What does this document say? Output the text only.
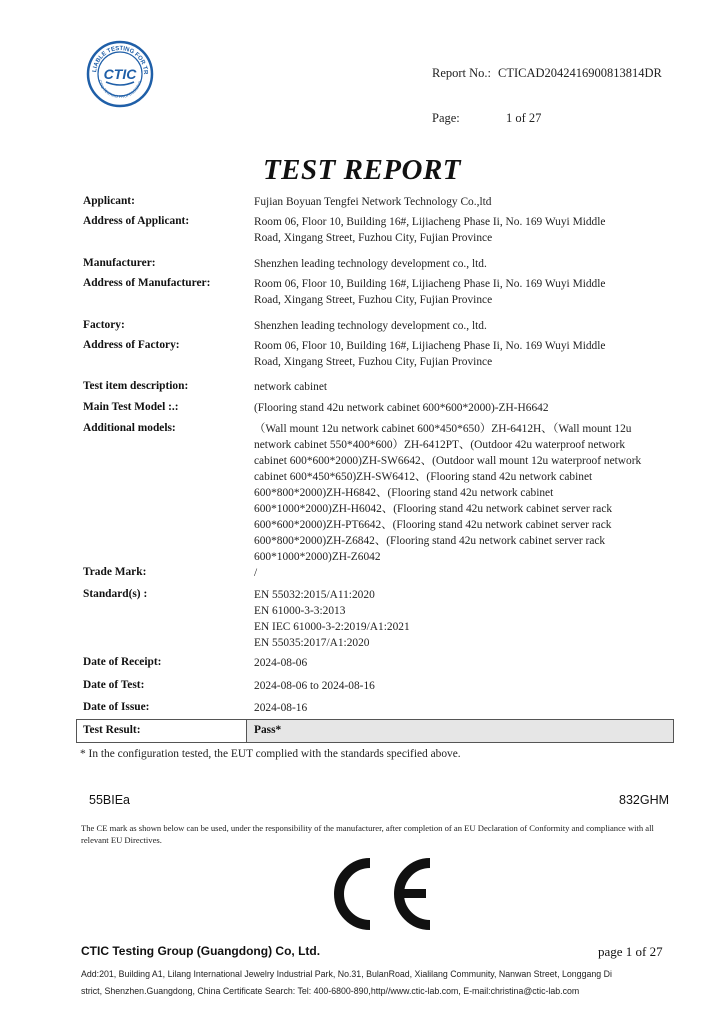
LIABLE TESTING FOR TR
CTIC TESTING PROFESSIONAL
CTIC	Report No.: CTICAD2042416900813814DR
Page:	1 of 27
TEST REPORT
Applicant:	Fujian Boyuan Tengfei Network Technology Co.,ltd
Address of Applicant:	Room 06, Floor 10, Building 16#, Lijiacheng Phase Ii, No. 169 Wuyi Middle
Road, Xingang Street, Fuzhou City, Fujian Province
Manufacturer:	Shenzhen leading technology development co., ltd.
Address of Manufacturer:	Room 06, Floor 10, Building 16#, Lijiacheng Phase Ii, No. 169 Wuyi Middle
Road, Xingang Street, Fuzhou City, Fujian Province
Factory:	Shenzhen leading technology development co., ltd.
Address of Factory:	Room 06, Floor 10, Building 16#, Lijiacheng Phase Ii, No. 169 Wuyi Middle
Road, Xingang Street, Fuzhou City, Fujian Province
Test item description:	network cabinet
Main Test Model :.:	(Flooring stand 42u network cabinet 600*600*2000)-ZH-H6642
Additional models:	（Wall mount 12u network cabinet 600*450*650）ZH-6412H、（Wall mount 12u
network cabinet 550*400*600）ZH-6412PT、(Outdoor 42u waterproof network
cabinet 600*600*2000)ZH-SW6642、(Outdoor wall mount 12u waterproof network
cabinet 600*450*650)ZH-SW6412、(Flooring stand 42u network cabinet
600*800*2000)ZH-H6842、(Flooring stand 42u network cabinet
600*1000*2000)ZH-H6042、(Flooring stand 42u network cabinet server rack
600*600*2000)ZH-PT6642、(Flooring stand 42u network cabinet server rack
600*800*2000)ZH-Z6842、(Flooring stand 42u network cabinet server rack
600*1000*2000)ZH-Z6042
Trade Mark:	/
Standard(s) :	EN 55032:2015/A11:2020
EN 61000-3-3:2013
EN IEC 61000-3-2:2019/A1:2021
EN 55035:2017/A1:2020
Date of Receipt:	2024-08-06
Date of Test:	2024-08-06 to 2024-08-16
Date of Issue:	2024-08-16
Test Result:	Pass*
* In the configuration tested, the EUT complied with the standards specified above.
55BIEa	832GHM
The CE mark as shown below can be used, under the responsibility of the manufacturer, after completion of an EU Declaration of Conformity and compliance with all relevant EU Directives.
CTIC Testing Group (Guangdong) Co, Ltd.	page 1 of 27
Add:201, Building A1, Lilang International Jewelry Industrial Park, No.31, BulanRoad, Xialilang Community, Nanwan Street, Longgang Di
strict, Shenzhen.Guangdong, China Certificate Search: Tel: 400-6800-890,http//www.ctic-lab.com, E-mail:christina@ctic-lab.com
